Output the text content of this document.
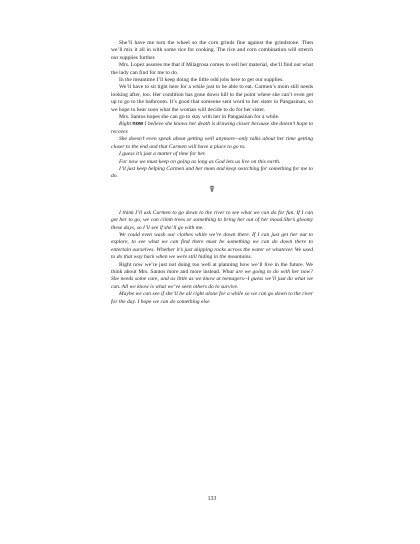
She’ll have me turn the wheel so the corn grinds fine against the grindstone. Then we’ll mix it all in with some rice for cooking. The rice and corn combination will stretch our supplies further.

Mrs. Lopez assures me that if Milagrosa comes to sell her material, she’ll find out what the lady can find for me to do.

In the meantime I’ll keep doing the little odd jobs here to get our supplies.

We’ll have to sit tight here for a while just to be able to eat. Carmen’s mom still needs looking after, too. Her condition has gone down hill to the point where she can’t even get up to go to the bathroom. It’s good that someone sent word to her sister in Pangasinan, so we hope to hear soon what the woman will decide to do for her sister.

Mrs. Santos hopes she can go to stay with her in Pangasinan for a while.

Right now I believe she knows her death is drawing closer because she doesn’t hope to recover.

She doesn’t even speak about getting well anymore--only talks about her time getting closer to the end and that Carmen will have a place to go to.

I guess it’s just a matter of time for her.

For now we must keep on going as long as God lets us live on this earth.

I’ll just keep helping Carmen and her mom and keep searching for something for me to do.

☤

I think I’ll ask Carmen to go down to the river to see what we can do for fun. If I can get her to go, we can climb trees or something to bring her out of her mood.She’s gloomy these days, so I’ll see if she’ll go with me.

We could even wash our clothes while we’re down there. If I can just get her out to explore, to see what we can find there must be something we can do down there to entertain ourselves. Whether it’s just skipping rocks across the water or whatever. We used to do that way back when we were still hiding in the mountains.

Right now we’re just not doing too well at planning how we’ll live in the future. We think about Mrs. Santos more and more instead. What are we going to do with her now? She needs some care, and as little as we know at teenagers--I guess we’ll just do what we can. All we know is what we’ve seen others do to survive.

Maybe we can see if she’ll be all right alone for a while so we can go down to the river for the day. I hope we can do something else

133
